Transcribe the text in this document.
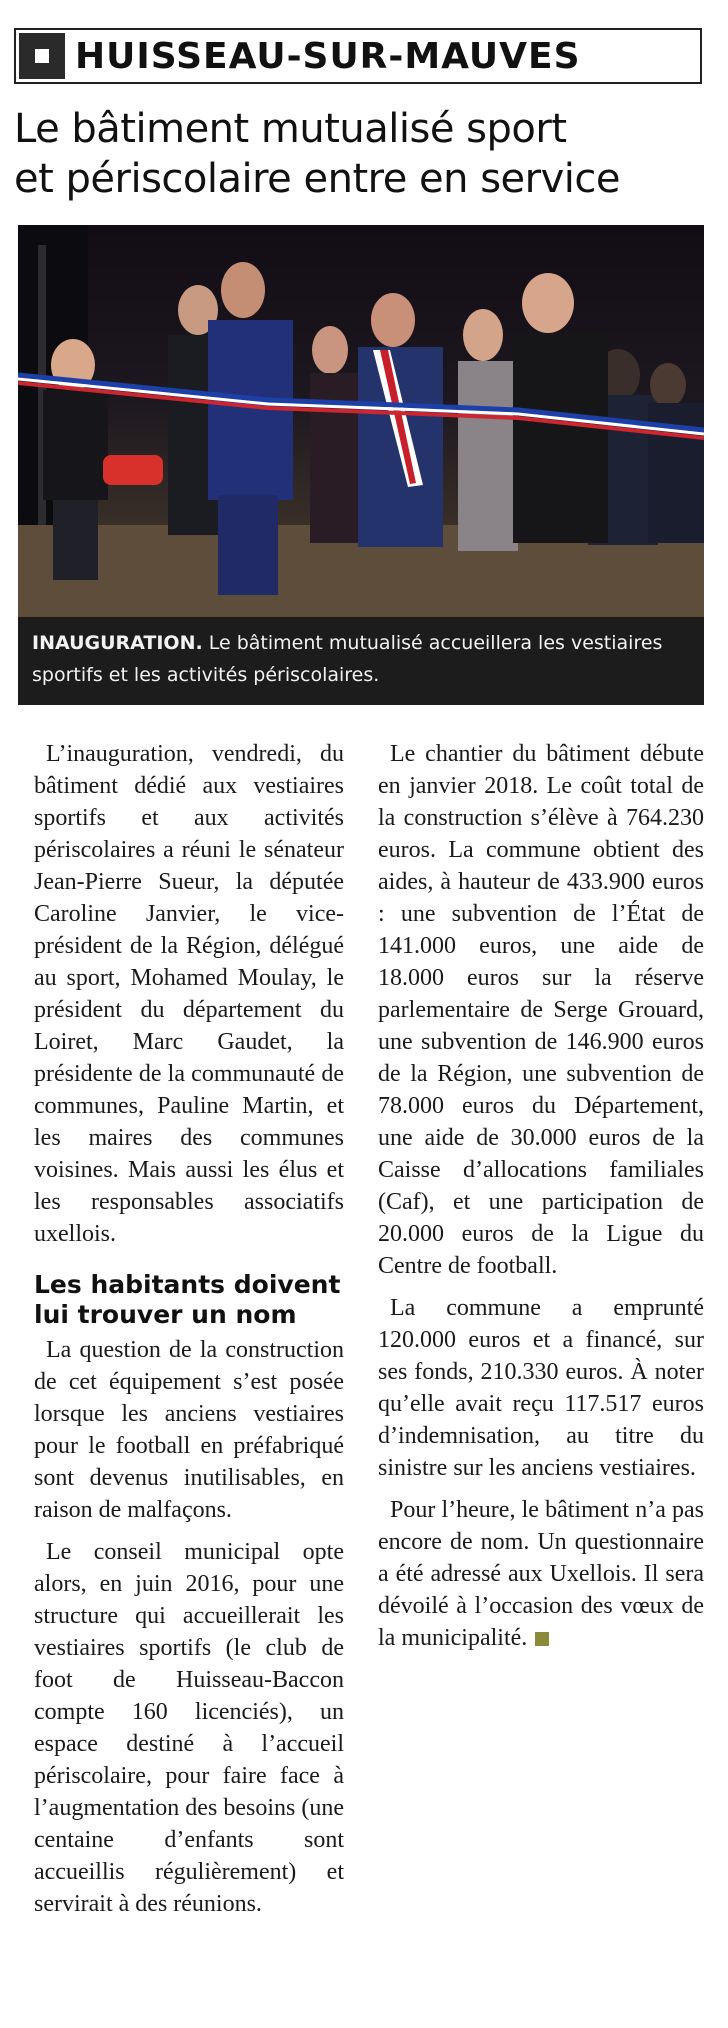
HUISSEAU-SUR-MAUVES
Le bâtiment mutualisé sport
et périscolaire entre en service
INAUGURATION. Le bâtiment mutualisé accueillera les vestiaires sportifs et les activités périscolaires.

L’inauguration, vendredi, du bâtiment dédié aux vestiaires sportifs et aux activités périscolaires a réuni le sénateur Jean-Pierre Sueur, la députée Caroline Janvier, le vice-président de la Région, délégué au sport, Mohamed Moulay, le président du département du Loiret, Marc Gaudet, la présidente de la communauté de communes, Pauline Martin, et les maires des communes voisines. Mais aussi les élus et les responsables associatifs uxellois.

Les habitants doivent lui trouver un nom

La question de la construction de cet équipement s’est posée lorsque les anciens vestiaires pour le football en préfabriqué sont devenus inutilisables, en raison de malfaçons.

Le conseil municipal opte alors, en juin 2016, pour une structure qui accueillerait les vestiaires sportifs (le club de foot de Huisseau-Baccon compte 160 licenciés), un espace destiné à l’accueil périscolaire, pour faire face à l’augmentation des besoins (une centaine d’enfants sont accueillis régulièrement) et servirait à des réunions.

Le chantier du bâtiment débute en janvier 2018. Le coût total de la construction s’élève à 764.230 euros. La commune obtient des aides, à hauteur de 433.900 euros : une subvention de l’État de 141.000 euros, une aide de 18.000 euros sur la réserve parlementaire de Serge Grouard, une subvention de 146.900 euros de la Région, une subvention de 78.000 euros du Département, une aide de 30.000 euros de la Caisse d’allocations familiales (Caf), et une participation de 20.000 euros de la Ligue du Centre de football.

La commune a emprunté 120.000 euros et a financé, sur ses fonds, 210.330 euros. À noter qu’elle avait reçu 117.517 euros d’indemnisation, au titre du sinistre sur les anciens vestiaires.

Pour l’heure, le bâtiment n’a pas encore de nom. Un questionnaire a été adressé aux Uxellois. Il sera dévoilé à l’occasion des vœux de la municipalité.
